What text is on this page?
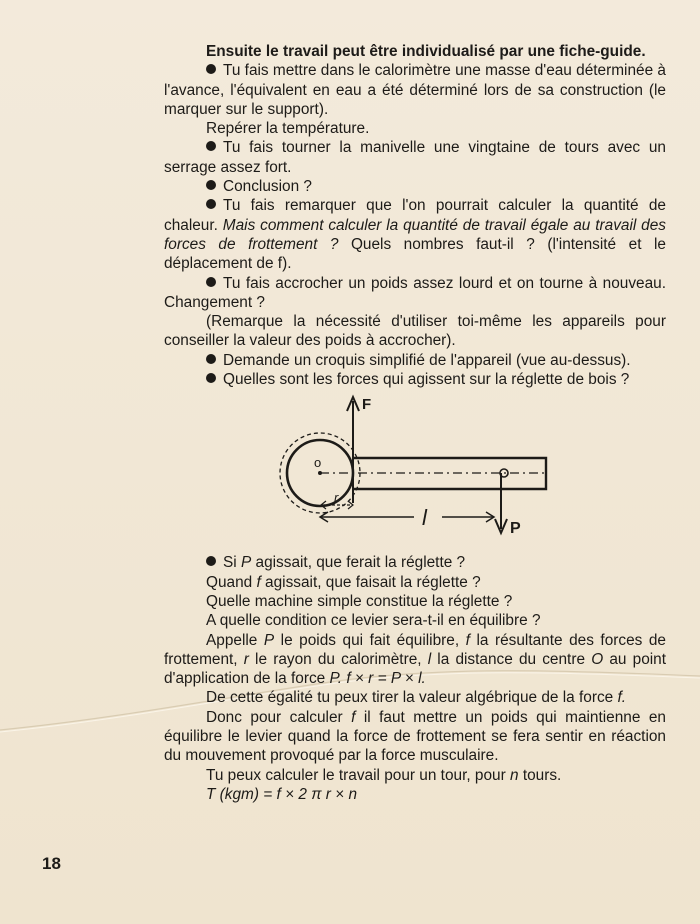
Ensuite le travail peut être individualisé par une fiche-guide.

Tu fais mettre dans le calorimètre une masse d'eau déterminée à l'avance, l'équivalent en eau a été déterminé lors de sa construction (le marquer sur le support).

Repérer la température.

Tu fais tourner la manivelle une vingtaine de tours avec un serrage assez fort.

Conclusion ?

Tu fais remarquer que l'on pourrait calculer la quantité de chaleur. Mais comment calculer la quantité de travail égale au travail des forces de frottement ? Quels nombres faut-il ? (l'intensité et le déplacement de f).

Tu fais accrocher un poids assez lourd et on tourne à nouveau. Changement ?

(Remarque la nécessité d'utiliser toi-même les appareils pour conseiller la valeur des poids à accrocher).

Demande un croquis simplifié de l'appareil (vue au-dessus).

Quelles sont les forces qui agissent sur la réglette de bois ?

o
F
P
r
l

Si P agissait, que ferait la réglette ?

Quand f agissait, que faisait la réglette ?

Quelle machine simple constitue la réglette ?

A quelle condition ce levier sera-t-il en équilibre ?

Appelle P le poids qui fait équilibre, f la résultante des forces de frottement, r le rayon du calorimètre, l la distance du centre O au point d'application de la force P. f × r = P × l.

De cette égalité tu peux tirer la valeur algébrique de la force f.

Donc pour calculer f il faut mettre un poids qui maintienne en équilibre le levier quand la force de frottement se fera sentir en réaction du mouvement provoqué par la force musculaire.

Tu peux calculer le travail pour un tour, pour n tours.

T (kgm) = f × 2 π r × n

18
